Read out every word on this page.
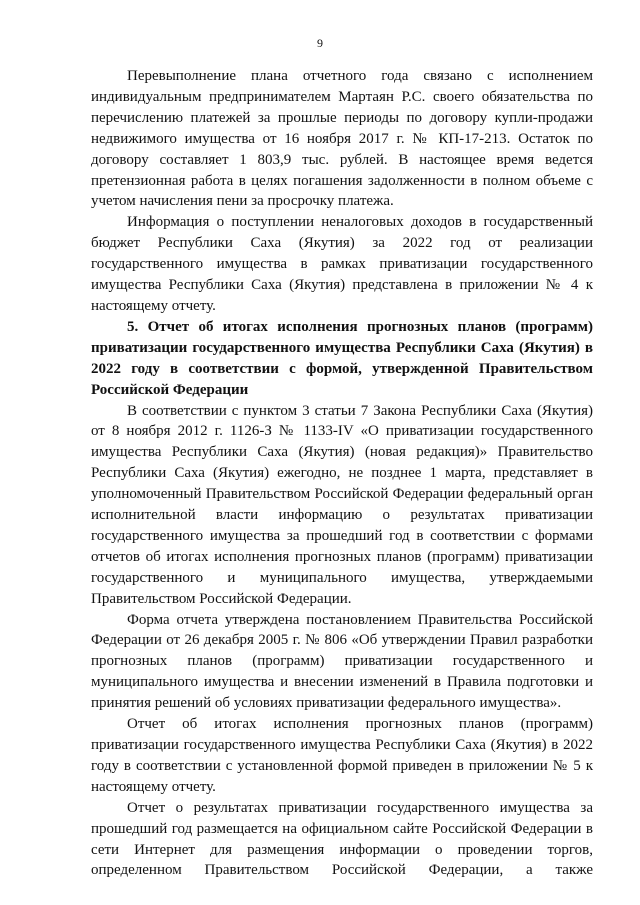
9

Перевыполнение плана отчетного года связано с исполнением индивидуальным предпринимателем Мартаян Р.С. своего обязательства по перечислению платежей за прошлые периоды по договору купли-продажи недвижимого имущества от 16 ноября 2017 г. № КП-17-213. Остаток по договору составляет 1 803,9 тыс. рублей. В настоящее время ведется претензионная работа в целях погашения задолженности в полном объеме с учетом начисления пени за просрочку платежа.

Информация о поступлении неналоговых доходов в государственный бюджет Республики Саха (Якутия) за 2022 год от реализации государственного имущества в рамках приватизации государственного имущества Республики Саха (Якутия) представлена в приложении № 4 к настоящему отчету.

5. Отчет об итогах исполнения прогнозных планов (программ) приватизации государственного имущества Республики Саха (Якутия) в 2022 году в соответствии с формой, утвержденной Правительством Российской Федерации

В соответствии с пунктом 3 статьи 7 Закона Республики Саха (Якутия) от 8 ноября 2012 г. 1126-З № 1133-IV «О приватизации государственного имущества Республики Саха (Якутия) (новая редакция)» Правительство Республики Саха (Якутия) ежегодно, не позднее 1 марта, представляет в уполномоченный Правительством Российской Федерации федеральный орган исполнительной власти информацию о результатах приватизации государственного имущества за прошедший год в соответствии с формами отчетов об итогах исполнения прогнозных планов (программ) приватизации государственного и муниципального имущества, утверждаемыми Правительством Российской Федерации.

Форма отчета утверждена постановлением Правительства Российской Федерации от 26 декабря 2005 г. № 806 «Об утверждении Правил разработки прогнозных планов (программ) приватизации государственного и муниципального имущества и внесении изменений в Правила подготовки и принятия решений об условиях приватизации федерального имущества».

Отчет об итогах исполнения прогнозных планов (программ) приватизации государственного имущества Республики Саха (Якутия) в 2022 году в соответствии с установленной формой приведен в приложении № 5 к настоящему отчету.

Отчет о результатах приватизации государственного имущества за прошедший год размещается на официальном сайте Российской Федерации в сети Интернет для размещения информации о проведении торгов, определенном Правительством Российской Федерации, а также
